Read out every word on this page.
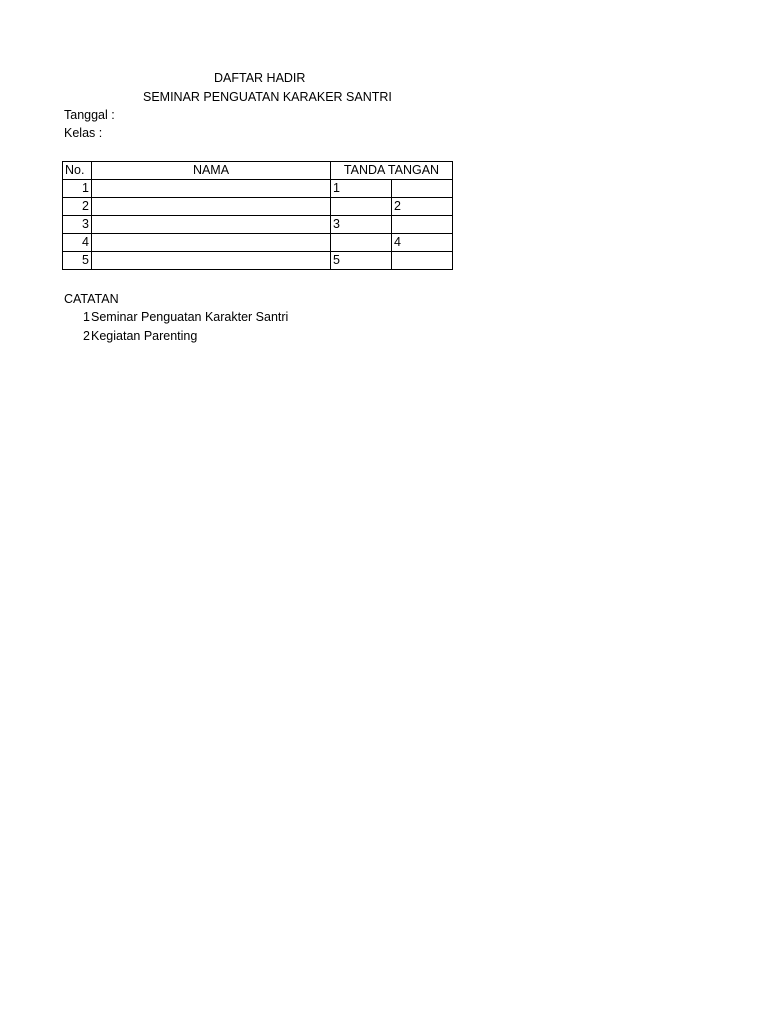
DAFTAR HADIR
SEMINAR PENGUATAN KARAKER SANTRI
Tanggal :
Kelas :
No.	NAMA	TANDA TANGAN	
1		1	
2			2
3		3	
4			4
5		5	
CATATAN
1Seminar Penguatan Karakter Santri
2Kegiatan Parenting
